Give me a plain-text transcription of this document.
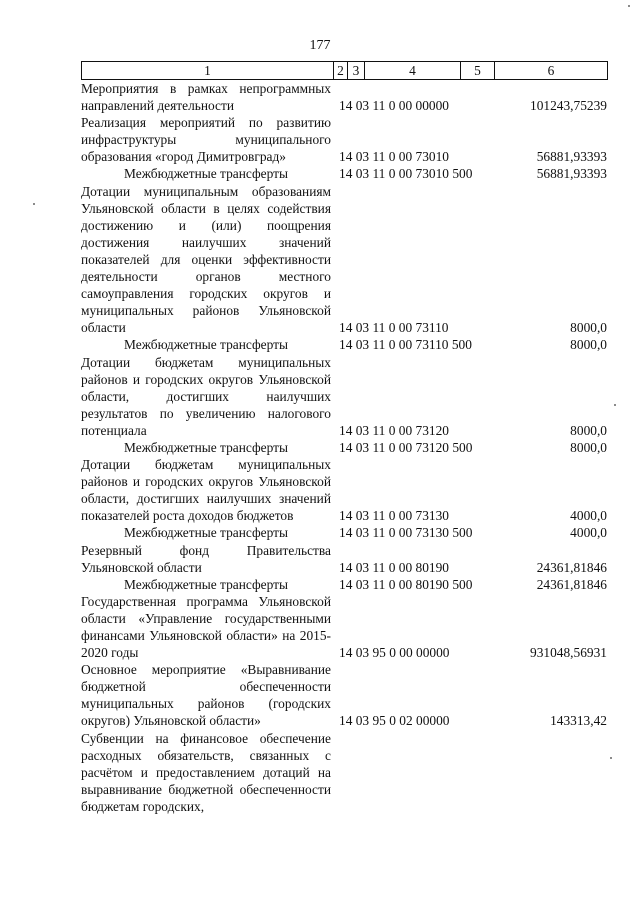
177
1	2	3	4	5	6
Мероприятия в рамках непрограммных направлений деятельности	14 03 11 0 00 00000	101243,75239
Реализация мероприятий по развитию инфраструктуры муниципального образования «город Димитровград»	14 03 11 0 00 73010	56881,93393
Межбюджетные трансферты	14 03 11 0 00 73010 500	56881,93393
Дотации муниципальным образованиям Ульяновской области в целях содействия достижению и (или) поощрения достижения наилучших значений показателей для оценки эффективности деятельности органов местного самоуправления городских округов и муниципальных районов Ульяновской области	14 03 11 0 00 73110	8000,0
Межбюджетные трансферты	14 03 11 0 00 73110 500	8000,0
Дотации бюджетам муниципальных районов и городских округов Ульяновской области, достигших наилучших результатов по увеличению налогового потенциала	14 03 11 0 00 73120	8000,0
Межбюджетные трансферты	14 03 11 0 00 73120 500	8000,0
Дотации бюджетам муниципальных районов и городских округов Ульяновской области, достигших наилучших значений показателей роста доходов бюджетов	14 03 11 0 00 73130	4000,0
Межбюджетные трансферты	14 03 11 0 00 73130 500	4000,0
Резервный фонд Правительства Ульяновской области	14 03 11 0 00 80190	24361,81846
Межбюджетные трансферты	14 03 11 0 00 80190 500	24361,81846
Государственная программа Ульяновской области «Управление государственными финансами Ульяновской области» на 2015-2020 годы	14 03 95 0 00 00000	931048,56931
Основное мероприятие «Выравнивание бюджетной обеспеченности муниципальных районов (городских округов) Ульяновской области»	14 03 95 0 02 00000	143313,42
Субвенции на финансовое обеспечение расходных обязательств, связанных с расчётом и предоставлением дотаций на выравнивание бюджетной обеспеченности бюджетам городских,
